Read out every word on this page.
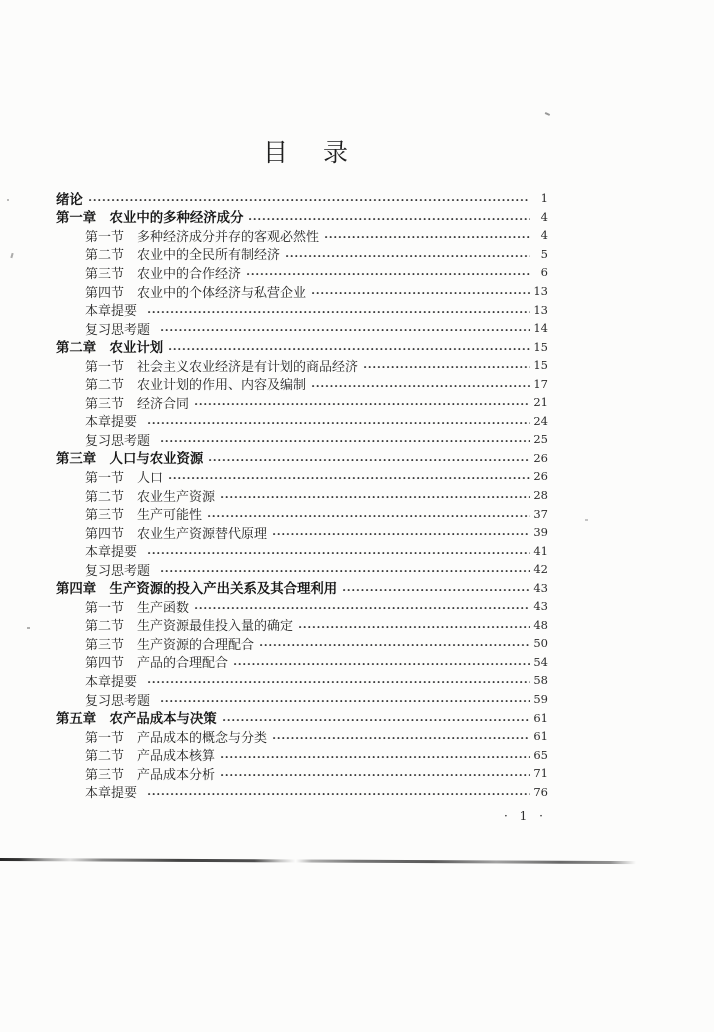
目　录
绪论	1
第一章　农业中的多种经济成分	4
第一节　多种经济成分并存的客观必然性	4
第二节　农业中的全民所有制经济	5
第三节　农业中的合作经济	6
第四节　农业中的个体经济与私营企业	13
本章提要	13
复习思考题	14
第二章　农业计划	15
第一节　社会主义农业经济是有计划的商品经济	15
第二节　农业计划的作用、内容及编制	17
第三节　经济合同	21
本章提要	24
复习思考题	25
第三章　人口与农业资源	26
第一节　人口	26
第二节　农业生产资源	28
第三节　生产可能性	37
第四节　农业生产资源替代原理	39
本章提要	41
复习思考题	42
第四章　生产资源的投入产出关系及其合理利用	43
第一节　生产函数	43
第二节　生产资源最佳投入量的确定	48
第三节　生产资源的合理配合	50
第四节　产品的合理配合	54
本章提要	58
复习思考题	59
第五章　农产品成本与决策	61
第一节　产品成本的概念与分类	61
第二节　产品成本核算	65
第三节　产品成本分析	71
本章提要	76
· 1 ·
